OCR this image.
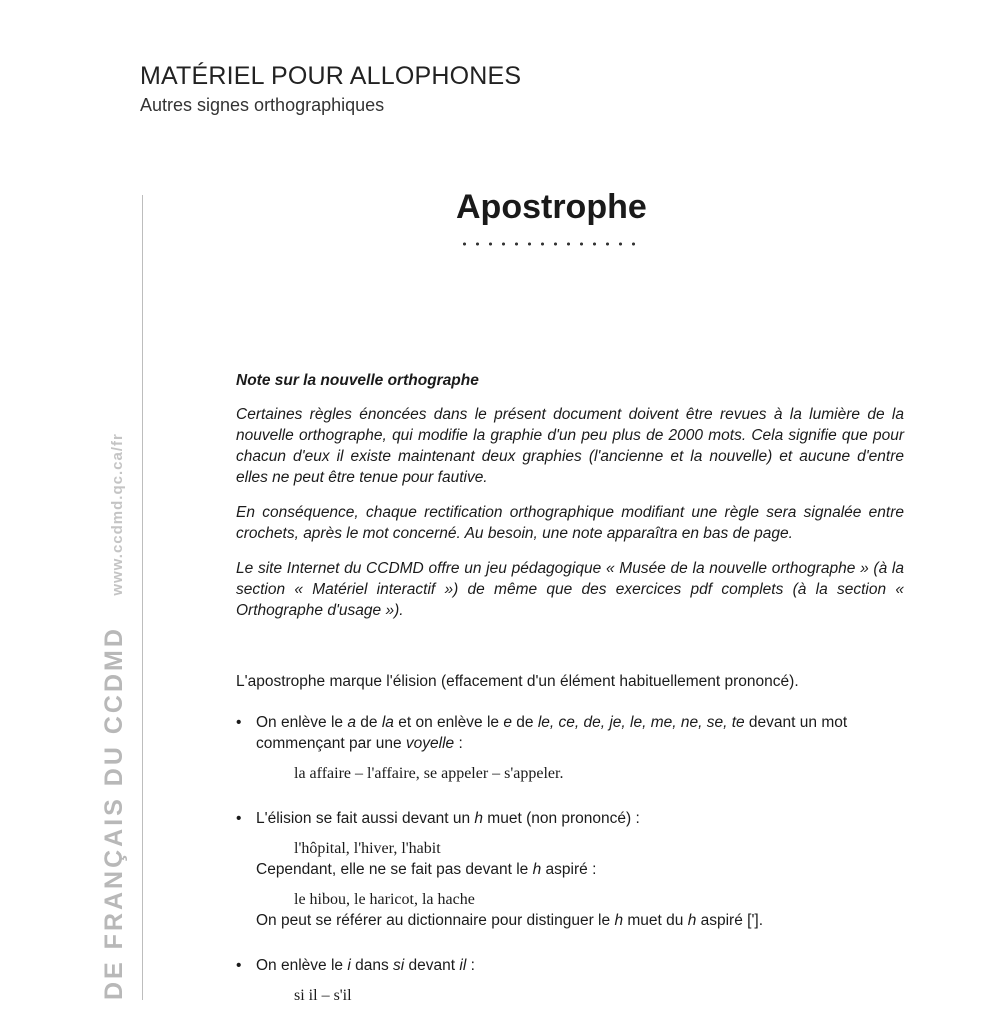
MATÉRIEL POUR ALLOPHONES
Autres signes orthographiques
DE FRANÇAIS DU CCDMD www.ccdmd.qc.ca/fr
Apostrophe
Note sur la nouvelle orthographe

Certaines règles énoncées dans le présent document doivent être revues à la lumière de la nouvelle orthographe, qui modifie la graphie d'un peu plus de 2000 mots. Cela signifie que pour chacun d'eux il existe maintenant deux graphies (l'ancienne et la nouvelle) et aucune d'entre elles ne peut être tenue pour fautive.

En conséquence, chaque rectification orthographique modifiant une règle sera signalée entre crochets, après le mot concerné. Au besoin, une note apparaîtra en bas de page.

Le site Internet du CCDMD offre un jeu pédagogique « Musée de la nouvelle orthographe » (à la section « Matériel interactif ») de même que des exercices pdf complets (à la section « Orthographe d'usage »).

L'apostrophe marque l'élision (effacement d'un élément habituellement prononcé).

• On enlève le a de la et on enlève le e de le, ce, de, je, le, me, ne, se, te devant un mot commençant par une voyelle :

la affaire – l'affaire, se appeler – s'appeler.
• L'élision se fait aussi devant un h muet (non prononcé) :

l'hôpital, l'hiver, l'habit

Cependant, elle ne se fait pas devant le h aspiré :

le hibou, le haricot, la hache

On peut se référer au dictionnaire pour distinguer le h muet du h aspiré ['].

• On enlève le i dans si devant il :

si il – s'il
